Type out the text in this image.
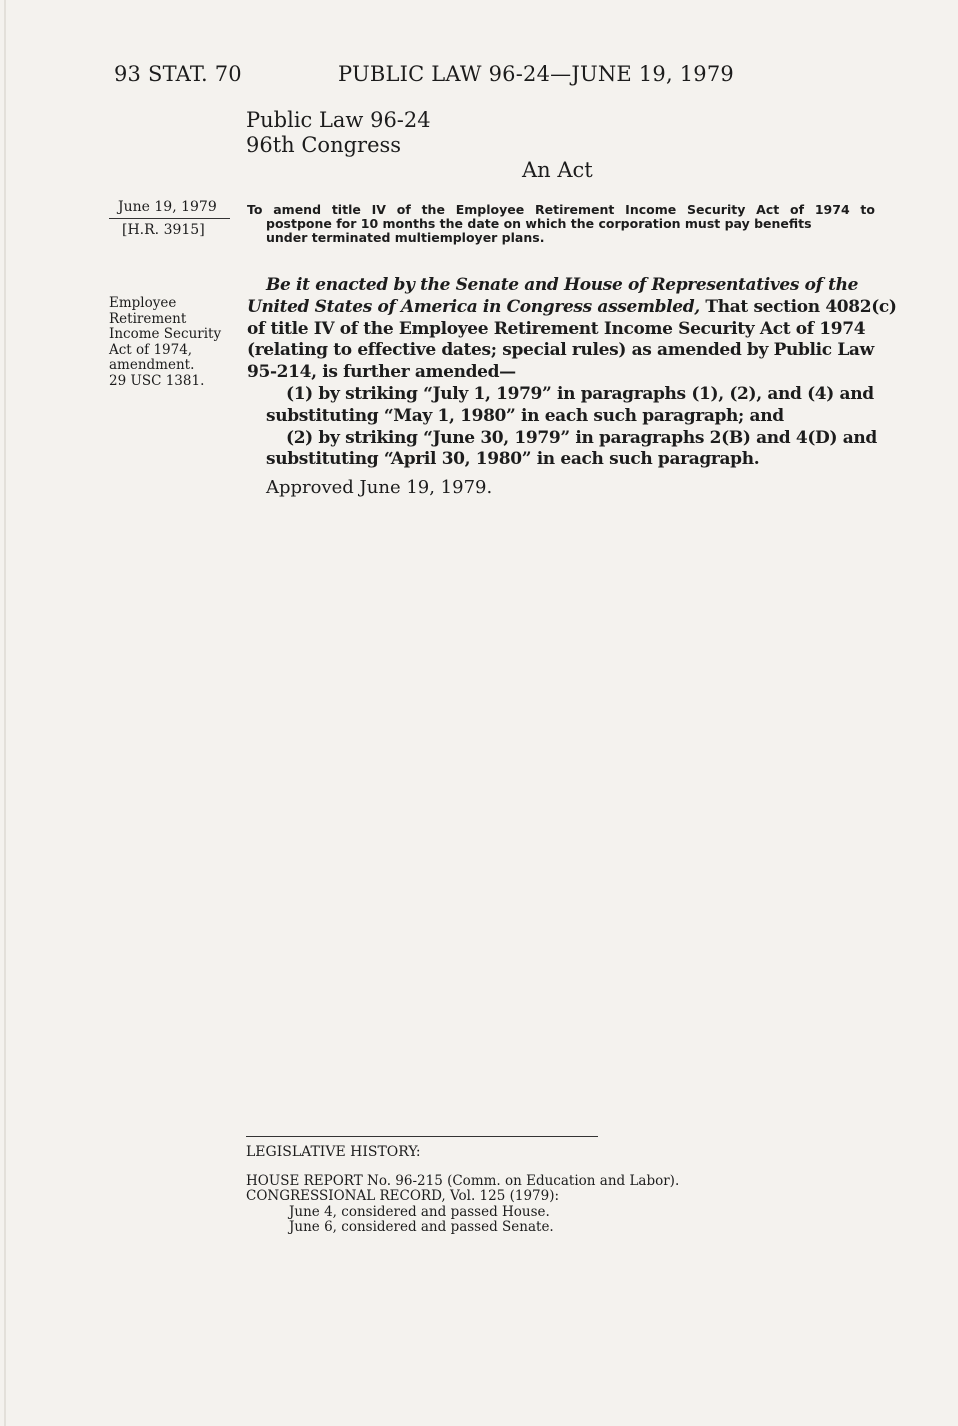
93 STAT. 70	PUBLIC LAW 96-24—JUNE 19, 1979
Public Law 96-24
96th Congress
An Act
June 19, 1979
[H.R. 3915]
To amend title IV of the Employee Retirement Income Security Act of 1974 to
postpone for 10 months the date on which the corporation must pay benefits
under terminated multiemployer plans.
Employee
Retirement
Income Security
Act of 1974,
amendment.
29 USC 1381.
Be it enacted by the Senate and House of Representatives of the
United States of America in Congress assembled, That section 4082(c)
of title IV of the Employee Retirement Income Security Act of 1974
(relating to effective dates; special rules) as amended by Public Law
95-214, is further amended—
(1) by striking “July 1, 1979” in paragraphs (1), (2), and (4) and
substituting “May 1, 1980” in each such paragraph; and
(2) by striking “June 30, 1979” in paragraphs 2(B) and 4(D) and
substituting “April 30, 1980” in each such paragraph.
Approved June 19, 1979.
LEGISLATIVE HISTORY:
HOUSE REPORT No. 96-215 (Comm. on Education and Labor).
CONGRESSIONAL RECORD, Vol. 125 (1979):
June 4, considered and passed House.
June 6, considered and passed Senate.
